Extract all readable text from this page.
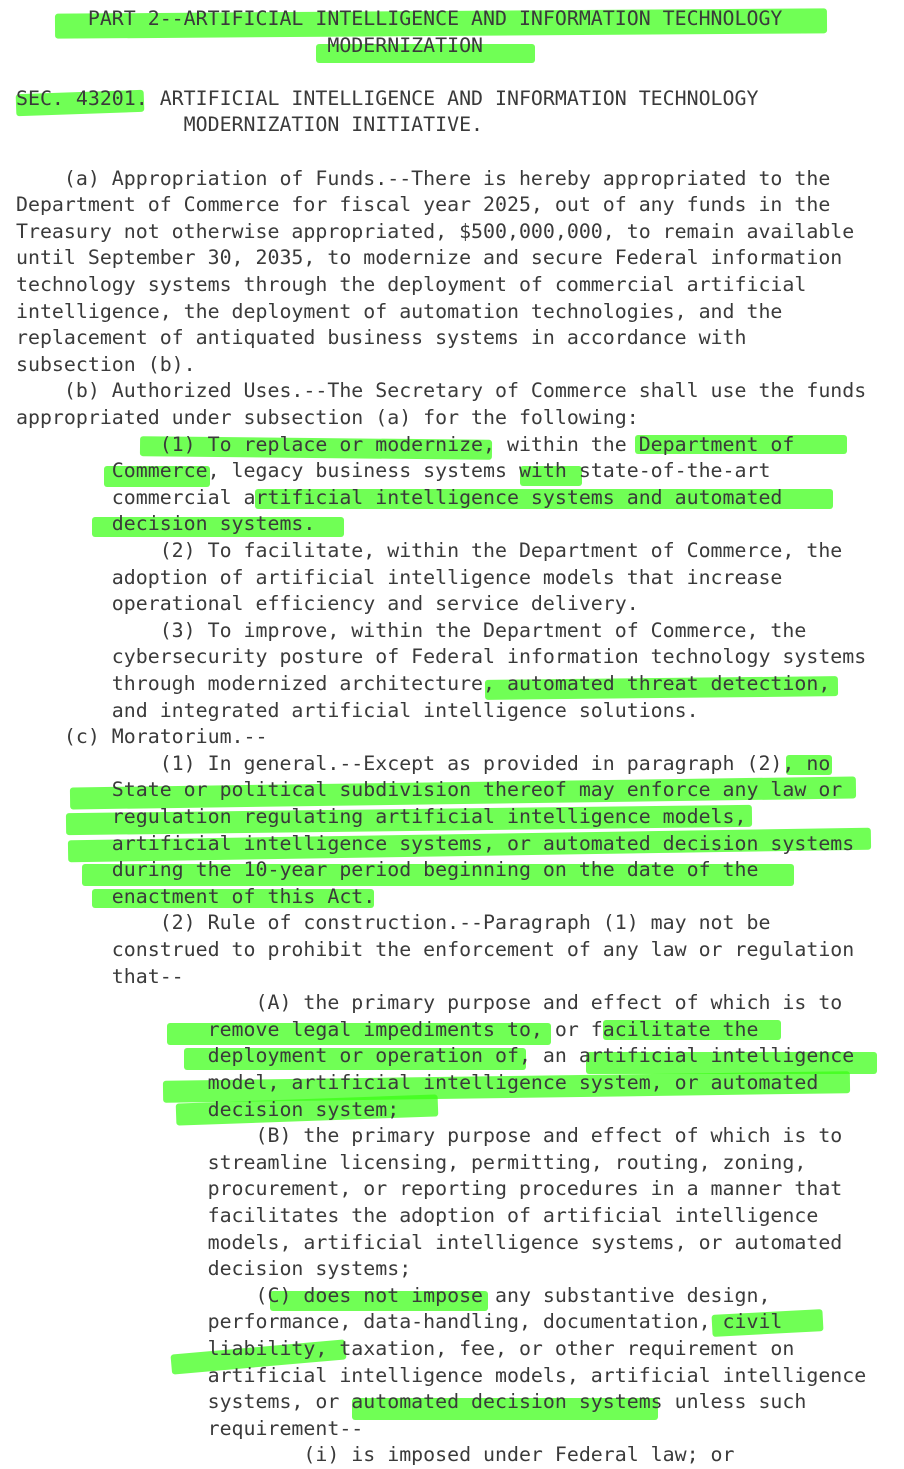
PART 2--ARTIFICIAL INTELLIGENCE AND INFORMATION TECHNOLOGY
MODERNIZATION
SEC. 43201. ARTIFICIAL INTELLIGENCE AND INFORMATION TECHNOLOGY
MODERNIZATION INITIATIVE.
(a) Appropriation of Funds.--There is hereby appropriated to the
Department of Commerce for fiscal year 2025, out of any funds in the
Treasury not otherwise appropriated, $500,000,000, to remain available
until September 30, 2035, to modernize and secure Federal information
technology systems through the deployment of commercial artificial
intelligence, the deployment of automation technologies, and the
replacement of antiquated business systems in accordance with
subsection (b).
(b) Authorized Uses.--The Secretary of Commerce shall use the funds
appropriated under subsection (a) for the following:
(1) To replace or modernize, within the Department of
Commerce, legacy business systems with state-of-the-art
commercial artificial intelligence systems and automated
decision systems.
(2) To facilitate, within the Department of Commerce, the
adoption of artificial intelligence models that increase
operational efficiency and service delivery.
(3) To improve, within the Department of Commerce, the
cybersecurity posture of Federal information technology systems
through modernized architecture, automated threat detection,
and integrated artificial intelligence solutions.
(c) Moratorium.--
(1) In general.--Except as provided in paragraph (2), no
State or political subdivision thereof may enforce any law or
regulation regulating artificial intelligence models,
artificial intelligence systems, or automated decision systems
during the 10-year period beginning on the date of the
enactment of this Act.
(2) Rule of construction.--Paragraph (1) may not be
construed to prohibit the enforcement of any law or regulation
that--
(A) the primary purpose and effect of which is to
remove legal impediments to, or facilitate the
deployment or operation of, an artificial intelligence
model, artificial intelligence system, or automated
decision system;
(B) the primary purpose and effect of which is to
streamline licensing, permitting, routing, zoning,
procurement, or reporting procedures in a manner that
facilitates the adoption of artificial intelligence
models, artificial intelligence systems, or automated
decision systems;
(C) does not impose any substantive design,
performance, data-handling, documentation, civil
liability, taxation, fee, or other requirement on
artificial intelligence models, artificial intelligence
systems, or automated decision systems unless such
requirement--
(i) is imposed under Federal law; or
